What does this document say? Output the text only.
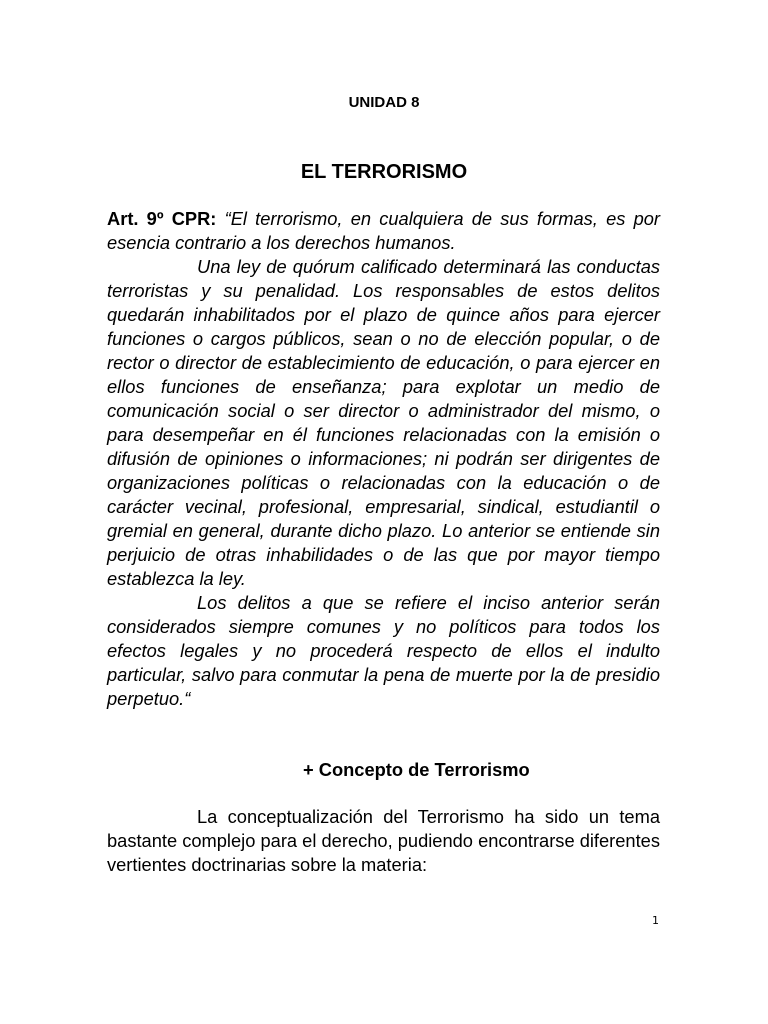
UNIDAD 8
EL TERRORISMO

Art. 9º CPR: “El terrorismo, en cualquiera de sus formas, es por esencia contrario a los derechos humanos.

Una ley de quórum calificado determinará las conductas terroristas y su penalidad. Los responsables de estos delitos quedarán inhabilitados por el plazo de quince años para ejercer funciones o cargos públicos, sean o no de elección popular, o de rector o director de establecimiento de educación, o para ejercer en ellos funciones de enseñanza; para explotar un medio de comunicación social o ser director o administrador del mismo, o para desempeñar en él funciones relacionadas con la emisión o difusión de opiniones o informaciones; ni podrán ser dirigentes de organizaciones políticas o relacionadas con la educación o de carácter vecinal, profesional, empresarial, sindical, estudiantil o gremial en general, durante dicho plazo. Lo anterior se entiende sin perjuicio de otras inhabilidades o de las que por mayor tiempo establezca la ley.

Los delitos a que se refiere el inciso anterior serán considerados siempre comunes y no políticos para todos los efectos legales y no procederá respecto de ellos el indulto particular, salvo para conmutar la pena de muerte por la de presidio perpetuo.“

+ Concepto de Terrorismo

La conceptualización del Terrorismo ha sido un tema bastante complejo para el derecho, pudiendo encontrarse diferentes vertientes doctrinarias sobre la materia:

1
